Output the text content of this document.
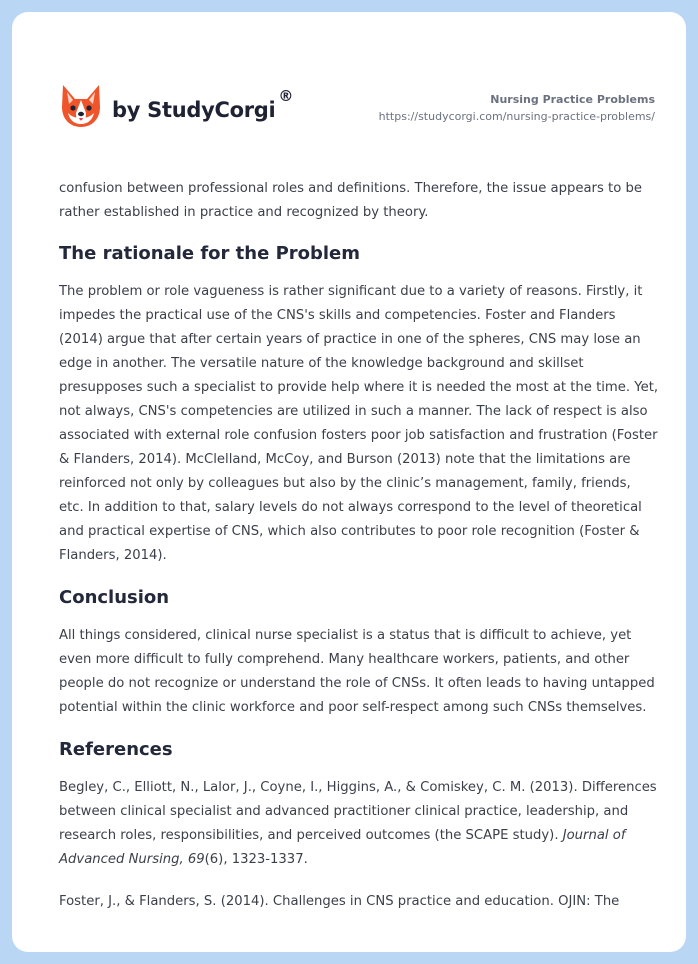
by StudyCorgi
®	Nursing Practice Problems
https://studycorgi.com/nursing-practice-problems/

confusion between professional roles and definitions. Therefore, the issue appears to be rather established in practice and recognized by theory.

The rationale for the Problem

The problem or role vagueness is rather significant due to a variety of reasons. Firstly, it impedes the practical use of the CNS's skills and competencies. Foster and Flanders (2014) argue that after certain years of practice in one of the spheres, CNS may lose an edge in another. The versatile nature of the knowledge background and skillset presupposes such a specialist to provide help where it is needed the most at the time. Yet, not always, CNS's competencies are utilized in such a manner. The lack of respect is also associated with external role confusion fosters poor job satisfaction and frustration (Foster & Flanders, 2014). McClelland, McCoy, and Burson (2013) note that the limitations are reinforced not only by colleagues but also by the clinic’s management, family, friends, etc. In addition to that, salary levels do not always correspond to the level of theoretical and practical expertise of CNS, which also contributes to poor role recognition (Foster & Flanders, 2014).

Conclusion

All things considered, clinical nurse specialist is a status that is difficult to achieve, yet even more difficult to fully comprehend. Many healthcare workers, patients, and other people do not recognize or understand the role of CNSs. It often leads to having untapped potential within the clinic workforce and poor self-respect among such CNSs themselves.

References

Begley, C., Elliott, N., Lalor, J., Coyne, I., Higgins, A., & Comiskey, C. M. (2013). Differences between clinical specialist and advanced practitioner clinical practice, leadership, and research roles, responsibilities, and perceived outcomes (the SCAPE study). Journal of Advanced Nursing, 69(6), 1323-1337.

Foster, J., & Flanders, S. (2014). Challenges in CNS practice and education. OJIN: The
